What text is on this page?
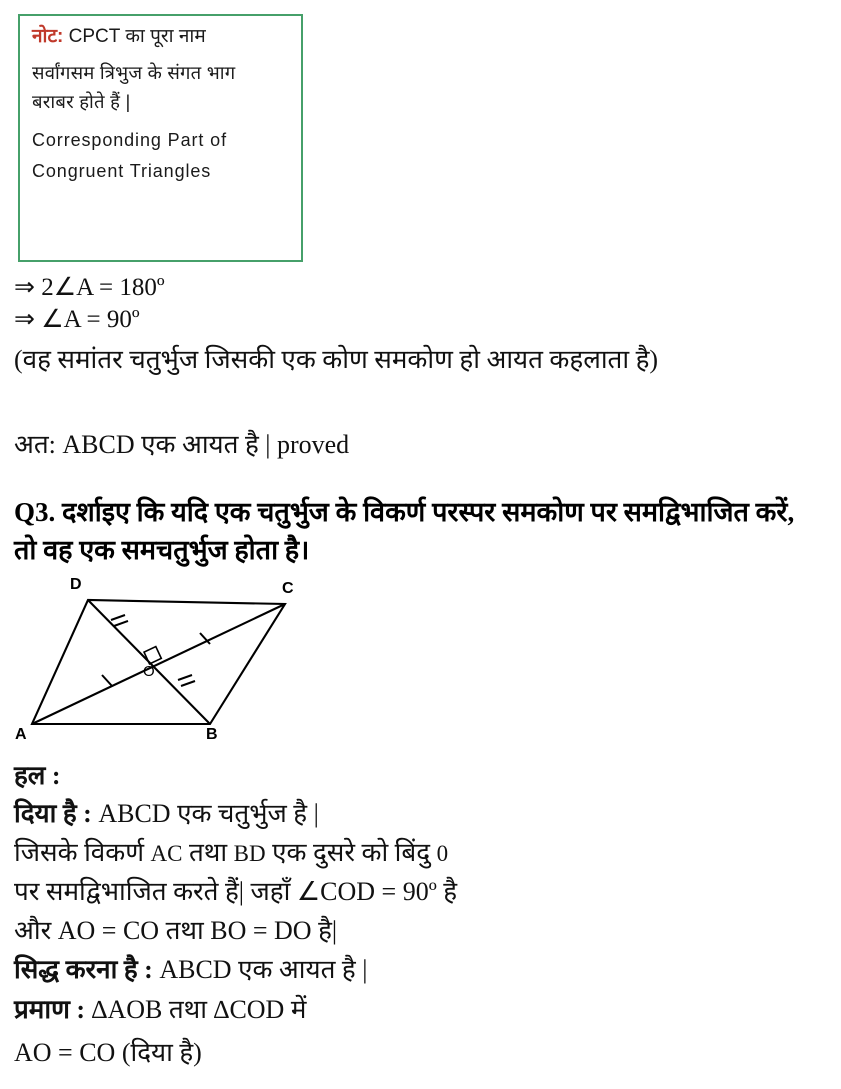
नोट: CPCT का पूरा नाम
सर्वांगसम त्रिभुज के संगत भाग
बराबर होते हैं |
Corresponding Part of
Congruent Triangles
⇒ 2∠A = 180º
⇒ ∠A = 90º
(वह समांतर चतुर्भुज जिसकी एक कोण समकोण हो आयत कहलाता है)
अत: ABCD एक आयत है | proved
Q3. दर्शाइए कि यदि एक चतुर्भुज के विकर्ण परस्पर समकोण पर समद्विभाजित करें, तो वह एक समचतुर्भुज होता है।
D	C
A	B
O
हल :
दिया है : ABCD एक चतुर्भुज है |
जिसके विकर्ण AC तथा BD एक दुसरे को बिंदु 0
पर समद्विभाजित करते हैं| जहाँ ∠COD = 90º है
और AO = CO तथा BO = DO है|
सिद्ध करना है : ABCD एक आयत है |
प्रमाण : ∆AOB तथा ∆COD में
AO = CO (दिया है)
